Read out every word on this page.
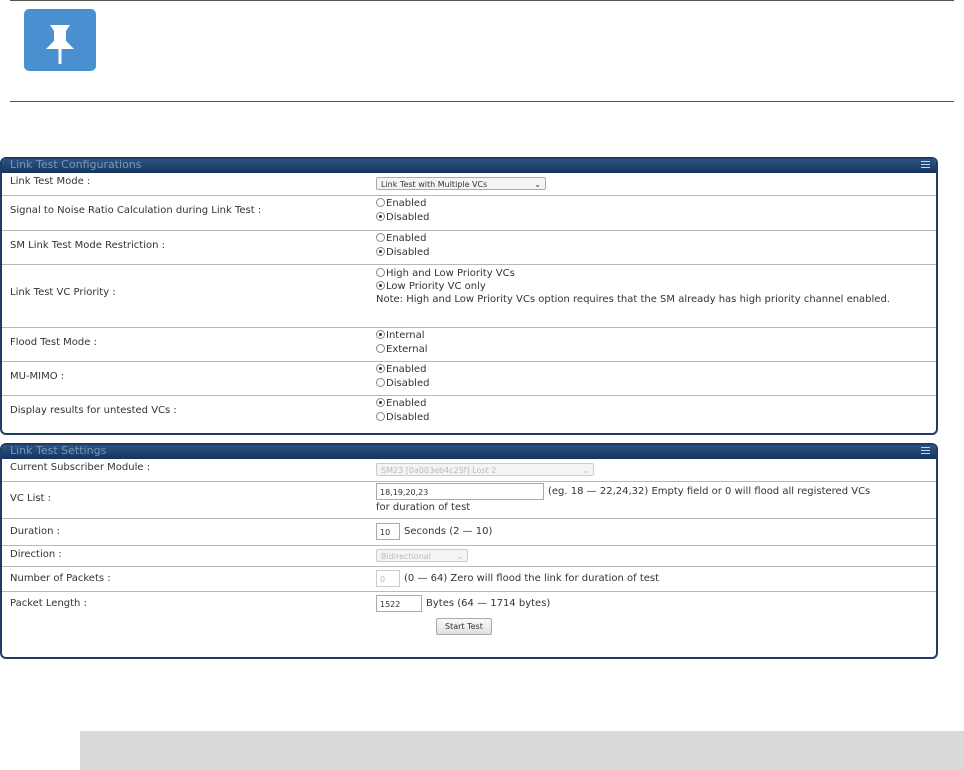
Link Test Configurations
Link Test Mode :	Link Test with Multiple VCs	⌄
Signal to Noise Ratio Calculation during Link Test :
Enabled
Disabled
SM Link Test Mode Restriction :
Enabled
Disabled
Link Test VC Priority :
High and Low Priority VCs
Low Priority VC only
Note: High and Low Priority VCs option requires that the SM already has high priority channel enabled.
Flood Test Mode :
Internal
External
MU-MIMO :
Enabled
Disabled
Display results for untested VCs :
Enabled
Disabled
Link Test Settings
Current Subscriber Module :	SM23 [0a003eb4c25f] Lost 2	⌄
VC List :
18,19,20,23	(eg. 18 — 22,24,32) Empty field or 0 will flood all registered VCs
for duration of test
Duration :	10 Seconds (2 — 10)
Direction :	Bidirectional	⌄
Number of Packets :	0 (0 — 64) Zero will flood the link for duration of test
Packet Length :	1522	Bytes (64 — 1714 bytes)
Start Test
